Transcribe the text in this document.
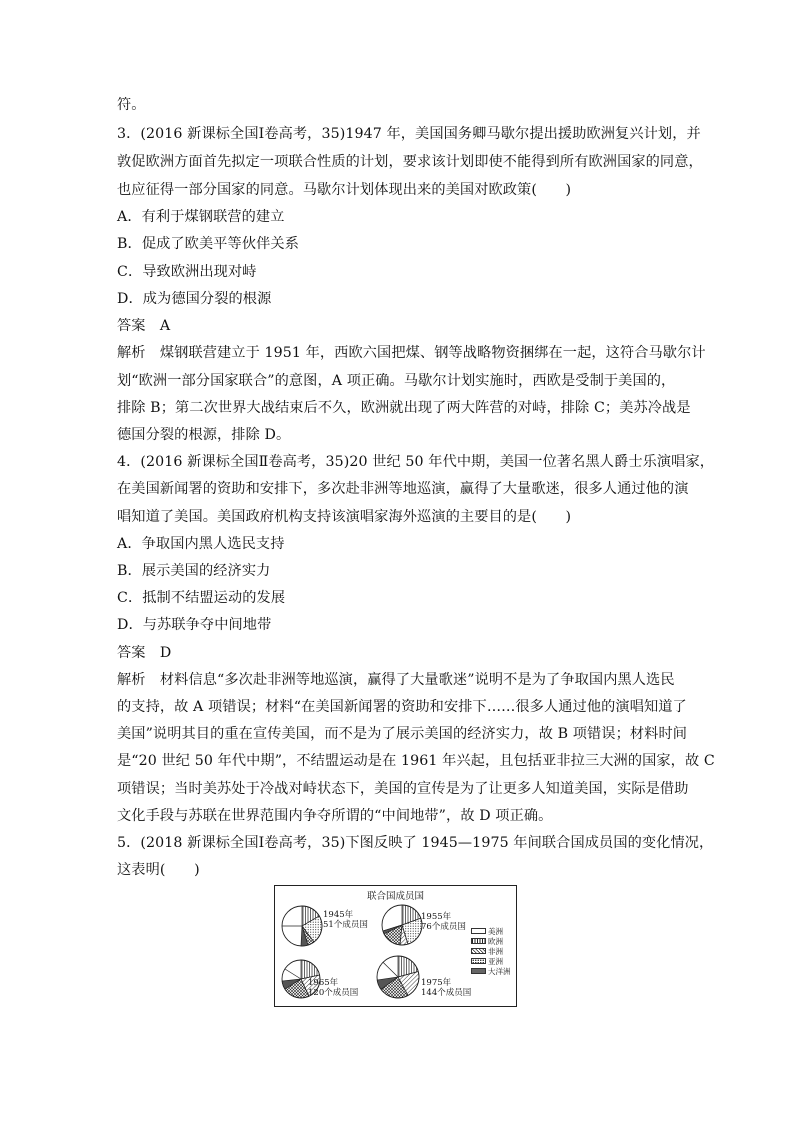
符。
3．(2016 新课标全国Ⅰ卷高考，35)1947 年，美国国务卿马歇尔提出援助欧洲复兴计划，并
敦促欧洲方面首先拟定一项联合性质的计划，要求该计划即使不能得到所有欧洲国家的同意，
也应征得一部分国家的同意。马歇尔计划体现出来的美国对欧政策(　　)
A．有利于煤钢联营的建立
B．促成了欧美平等伙伴关系
C．导致欧洲出现对峙
D．成为德国分裂的根源
答案　A
解析　煤钢联营建立于 1951 年，西欧六国把煤、钢等战略物资捆绑在一起，这符合马歇尔计
划“欧洲一部分国家联合”的意图，A 项正确。马歇尔计划实施时，西欧是受制于美国的，
排除 B；第二次世界大战结束后不久，欧洲就出现了两大阵营的对峙，排除 C；美苏冷战是
德国分裂的根源，排除 D。
4．(2016 新课标全国Ⅱ卷高考，35)20 世纪 50 年代中期，美国一位著名黑人爵士乐演唱家，
在美国新闻署的资助和安排下，多次赴非洲等地巡演，赢得了大量歌迷，很多人通过他的演
唱知道了美国。美国政府机构支持该演唱家海外巡演的主要目的是(　　)
A．争取国内黑人选民支持
B．展示美国的经济实力
C．抵制不结盟运动的发展
D．与苏联争夺中间地带
答案　D
解析　材料信息“多次赴非洲等地巡演，赢得了大量歌迷”说明不是为了争取国内黑人选民
的支持，故 A 项错误；材料“在美国新闻署的资助和安排下……很多人通过他的演唱知道了
美国”说明其目的重在宣传美国，而不是为了展示美国的经济实力，故 B 项错误；材料时间
是“20 世纪 50 年代中期”，不结盟运动是在 1961 年兴起，且包括亚非拉三大洲的国家，故 C
项错误；当时美苏处于冷战对峙状态下，美国的宣传是为了让更多人知道美国，实际是借助
文化手段与苏联在世界范围内争夺所谓的“中间地带”，故 D 项正确。
5．(2018 新课标全国Ⅰ卷高考，35)下图反映了 1945—1975 年间联合国成员国的变化情况，
这表明(　　)
联合国成员国
1945年
51个成员国
1955年
76个成员国	美洲
欧洲
非洲
亚洲
大洋洲
1965年
120个成员国
1975年
144个成员国
